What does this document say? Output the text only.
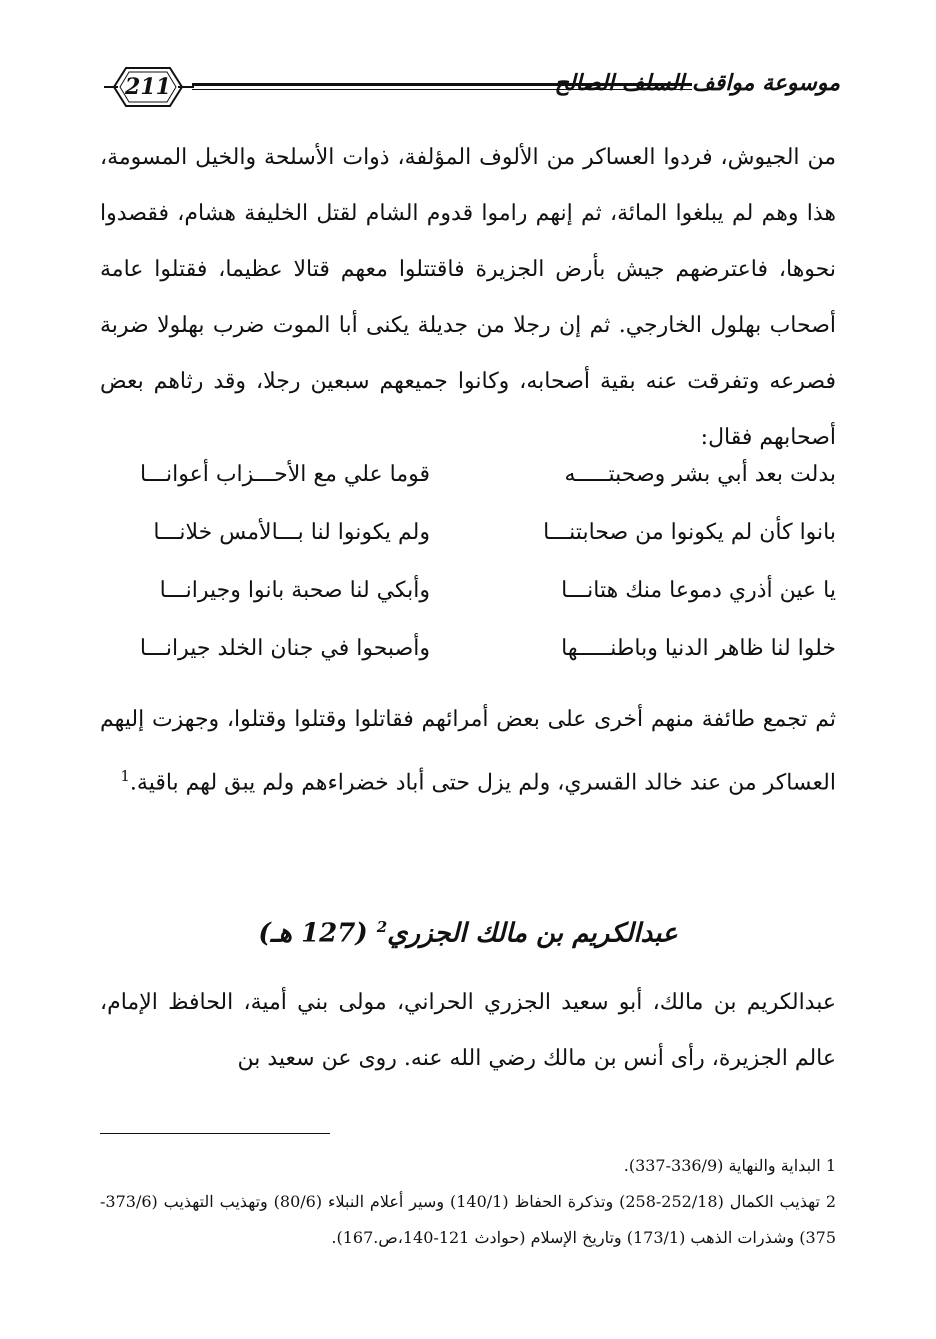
211	موسوعة مواقف السلف الصالح

من الجيوش، فردوا العساكر من الألوف المؤلفة، ذوات الأسلحة والخيل المسومة، هذا وهم لم يبلغوا المائة، ثم إنهم راموا قدوم الشام لقتل الخليفة هشام، فقصدوا نحوها، فاعترضهم جيش بأرض الجزيرة فاقتتلوا معهم قتالا عظيما، فقتلوا عامة أصحاب بهلول الخارجي. ثم إن رجلا من جديلة يكنى أبا الموت ضرب بهلولا ضربة فصرعه وتفرقت عنه بقية أصحابه، وكانوا جميعهم سبعين رجلا، وقد رثاهم بعض أصحابهم فقال:

بدلت بعد أبي بشر وصحبتـــــه
قوما علي مع الأحـــزاب أعوانـــا
بانوا كأن لم يكونوا من صحابتنـــا
ولم يكونوا لنا بـــالأمس خلانـــا
يا عين أذري دموعا منك هتانـــا
وأبكي لنا صحبة بانوا وجيرانـــا
خلوا لنا ظاهر الدنيا وباطنـــــها
وأصبحوا في جنان الخلد جيرانـــا

ثم تجمع طائفة منهم أخرى على بعض أمرائهم فقاتلوا وقتلوا وقتلوا، وجهزت إليهم العساكر من عند خالد القسري، ولم يزل حتى أباد خضراءهم ولم يبق لهم باقية.$^1$

عبدالكريم بن مالك الجزري$^2$ (127 هـ)

عبدالكريم بن مالك، أبو سعيد الجزري الحراني، مولى بني أمية، الحافظ الإمام، عالم الجزيرة، رأى أنس بن مالك رضي الله عنه. روى عن سعيد بن

1 البداية والنهاية (336/9-337).

2 تهذيب الكمال (252/18-258) وتذكرة الحفاظ (140/1) وسير أعلام النبلاء (80/6) وتهذيب التهذيب (373/6-375) وشذرات الذهب (173/1) وتاريخ الإسلام (حوادث 121-140،ص.167).
